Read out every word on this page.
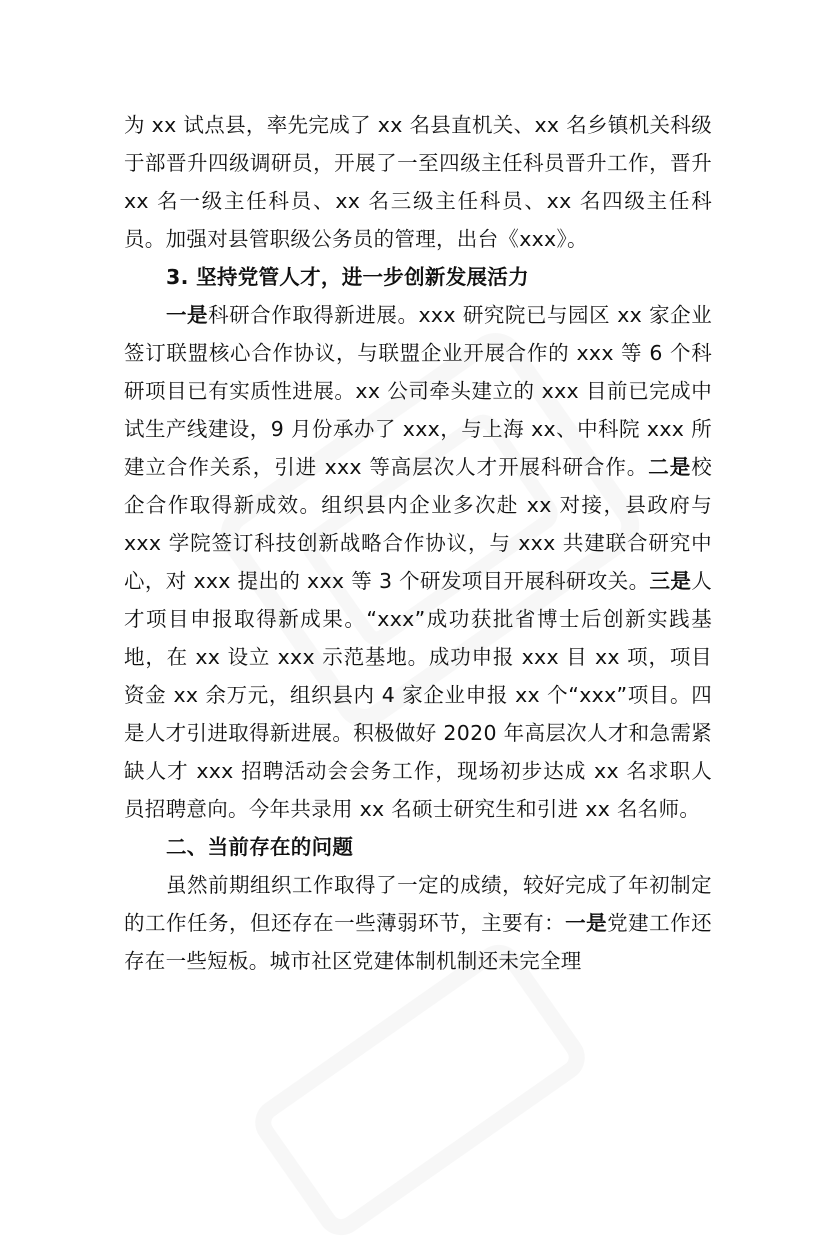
为 xx 试点县，率先完成了 xx 名县直机关、xx 名乡镇机关科级于部晋升四级调研员，开展了一至四级主任科员晋升工作，晋升 xx 名一级主任科员、xx 名三级主任科员、xx 名四级主任科员。加强对县管职级公务员的管理，出台《xxx》。

3. 坚持党管人才，进一步创新发展活力

一是科研合作取得新进展。xxx 研究院已与园区 xx 家企业签订联盟核心合作协议，与联盟企业开展合作的 xxx 等 6 个科研项目已有实质性进展。xx 公司牵头建立的 xxx 目前已完成中试生产线建设，9 月份承办了 xxx，与上海 xx、中科院 xxx 所建立合作关系，引进 xxx 等高层次人才开展科研合作。二是校企合作取得新成效。组织县内企业多次赴 xx 对接，县政府与 xxx 学院签订科技创新战略合作协议，与 xxx 共建联合研究中心，对 xxx 提出的 xxx 等 3 个研发项目开展科研攻关。三是人才项目申报取得新成果。“xxx”成功获批省博士后创新实践基地，在 xx 设立 xxx 示范基地。成功申报 xxx 目 xx 项，项目资金 xx 余万元，组织县内 4 家企业申报 xx 个“xxx”项目。四是人才引进取得新进展。积极做好 2020 年高层次人才和急需紧缺人才 xxx 招聘活动会会务工作，现场初步达成 xx 名求职人员招聘意向。今年共录用 xx 名硕士研究生和引进 xx 名名师。

二、当前存在的问题

虽然前期组织工作取得了一定的成绩，较好完成了年初制定的工作任务，但还存在一些薄弱环节，主要有：一是党建工作还存在一些短板。城市社区党建体制机制还未完全理
